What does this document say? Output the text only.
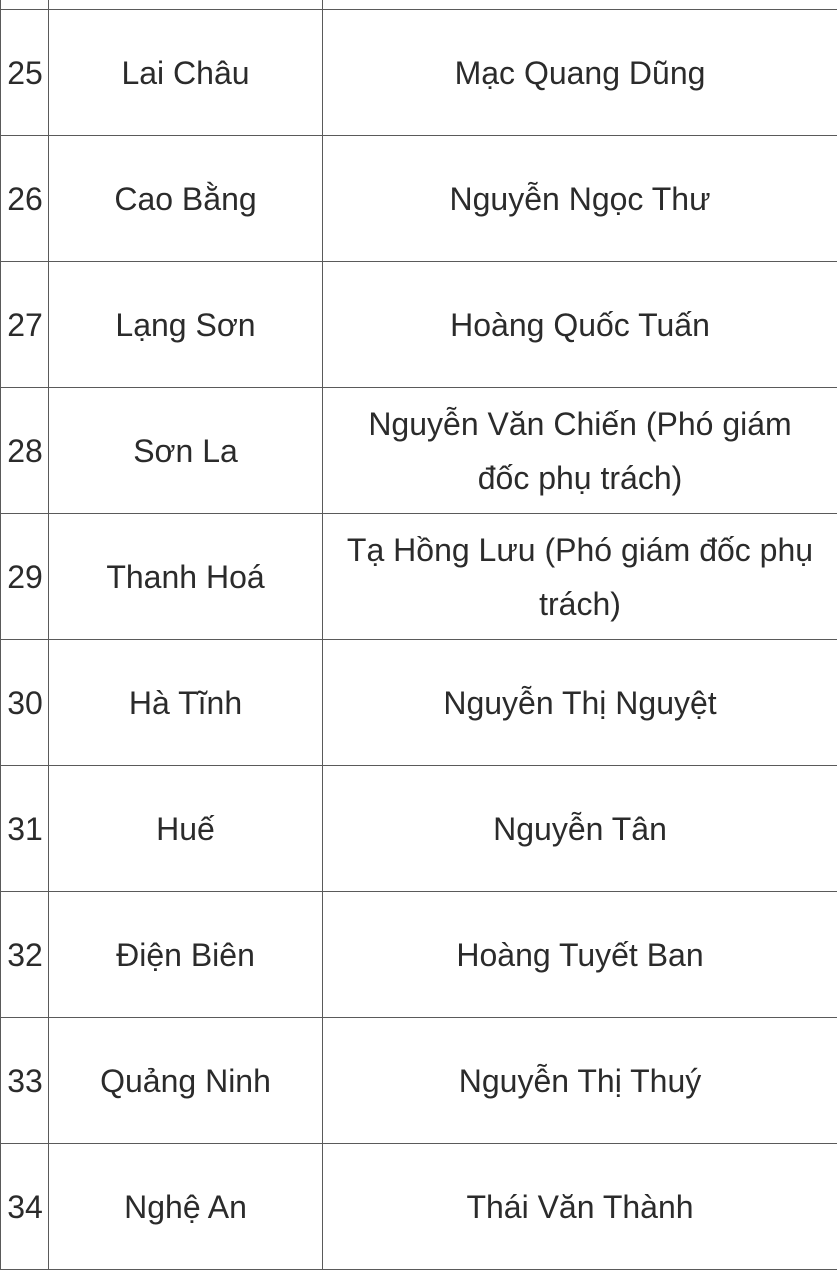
25	Lai Châu	Mạc Quang Dũng

26	Cao Bằng	Nguyễn Ngọc Thư

27	Lạng Sơn	Hoàng Quốc Tuấn

28	Sơn La	Nguyễn Văn Chiến (Phó giám đốc phụ trách)

29	Thanh Hoá	Tạ Hồng Lưu (Phó giám đốc phụ trách)

30	Hà Tĩnh	Nguyễn Thị Nguyệt

31	Huế	Nguyễn Tân

32	Điện Biên	Hoàng Tuyết Ban

33	Quảng Ninh	Nguyễn Thị Thuý

34	Nghệ An	Thái Văn Thành
